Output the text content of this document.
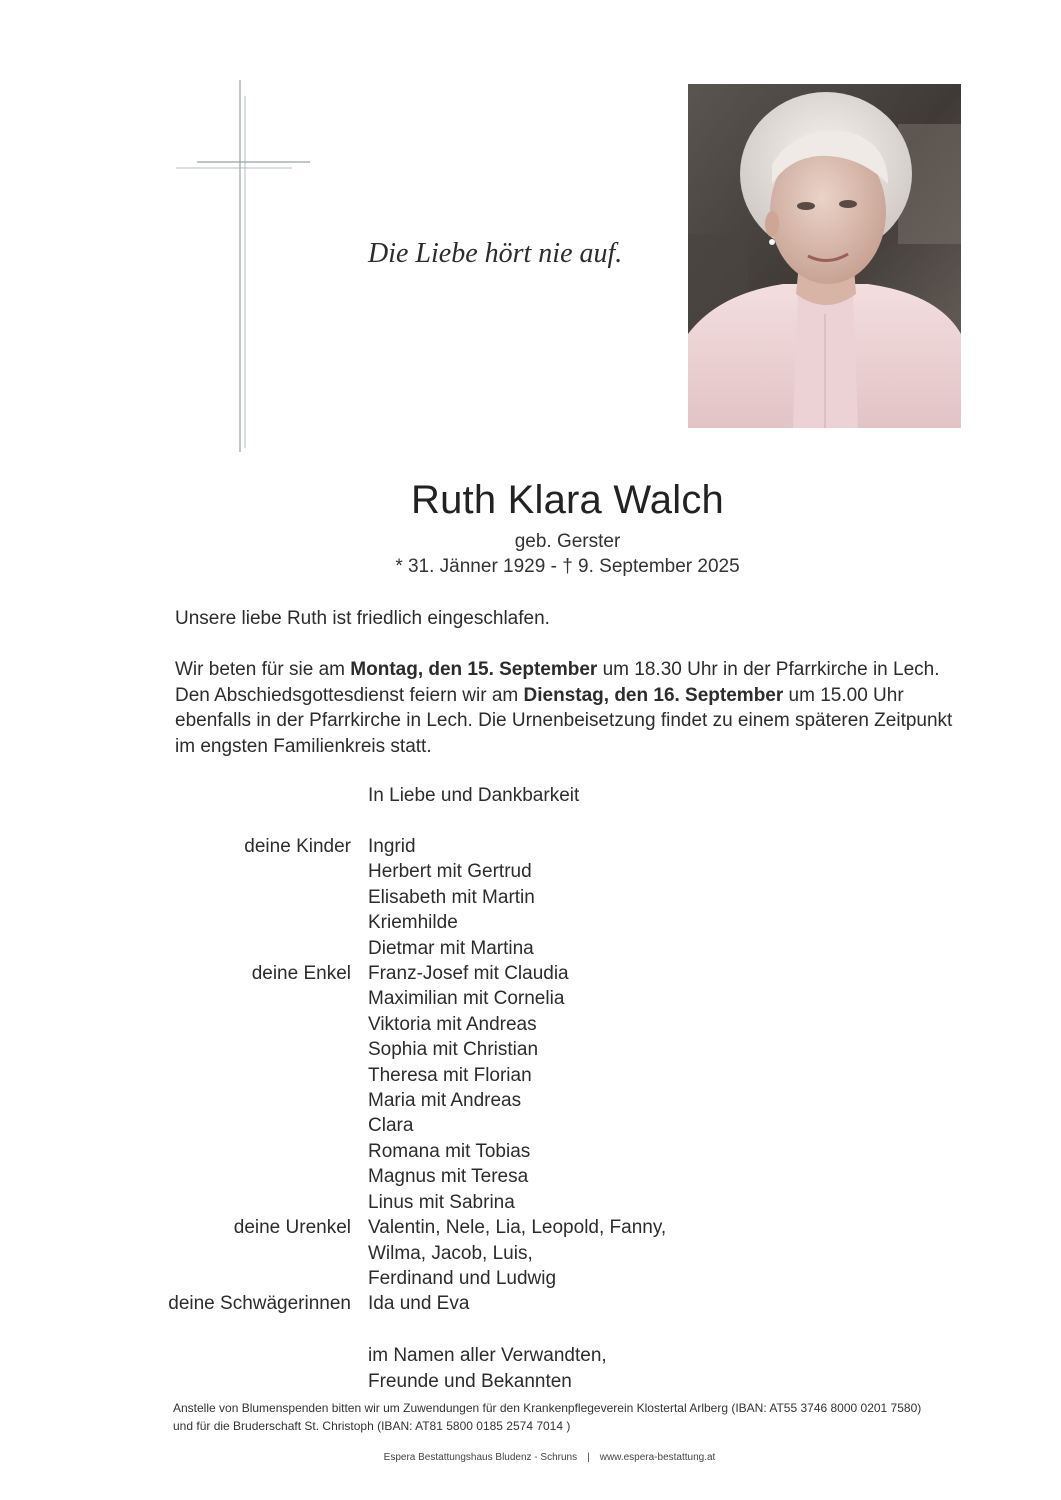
Die Liebe hört nie auf.
Ruth Klara Walch
geb. Gerster
* 31. Jänner 1929 - † 9. September 2025
Unsere liebe Ruth ist friedlich eingeschlafen.
Wir beten für sie am Montag, den 15. September um 18.30 Uhr in der Pfarrkirche in Lech. Den Abschiedsgottesdienst feiern wir am Dienstag, den 16. September um 15.00 Uhr ebenfalls in der Pfarrkirche in Lech. Die Urnenbeisetzung findet zu einem späteren Zeitpunkt im engsten Familienkreis statt.
In Liebe und Dankbarkeit
deine Kinder Ingrid
Herbert mit Gertrud
Elisabeth mit Martin
Kriemhilde
Dietmar mit Martina
deine Enkel Franz-Josef mit Claudia
Maximilian mit Cornelia
Viktoria mit Andreas
Sophia mit Christian
Theresa mit Florian
Maria mit Andreas
Clara
Romana mit Tobias
Magnus mit Teresa
Linus mit Sabrina
deine Urenkel Valentin, Nele, Lia, Leopold, Fanny,
Wilma, Jacob, Luis,
Ferdinand und Ludwig
deine Schwägerinnen Ida und Eva
im Namen aller Verwandten,
Freunde und Bekannten
Anstelle von Blumenspenden bitten wir um Zuwendungen für den Krankenpflegeverein Klostertal Arlberg (IBAN: AT55 3746 8000 0201 7580)
und für die Bruderschaft St. Christoph (IBAN: AT81 5800 0185 2574 7014 )
Espera Bestattungshaus Bludenz - Schruns | www.espera-bestattung.at
